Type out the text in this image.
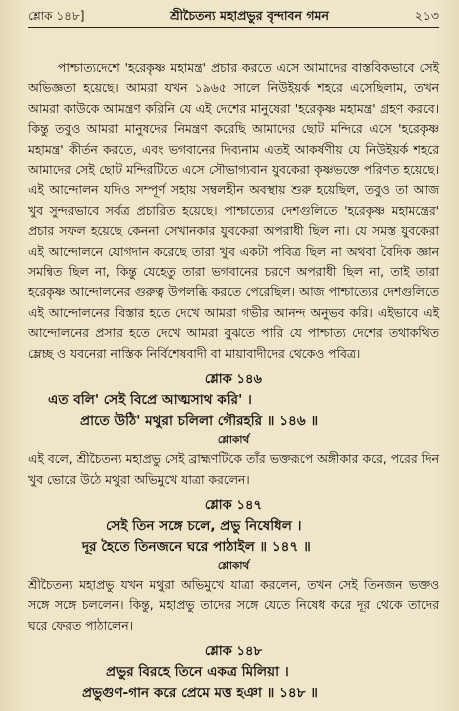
শ্লোক ১৪৮]	শ্রীচৈতন্য মহাপ্রভুর বৃন্দাবন গমন	২১৩

পাশ্চাত্যদেশে 'হরেকৃষ্ণ মহামন্ত্র' প্রচার করতে এসে আমাদের বাস্তবিকভাবে সেই অভিজ্ঞতা হয়েছে। আমরা যখন ১৯৬৫ সালে নিউইয়র্ক শহরে এসেছিলাম, তখন আমরা কাউকে আমন্ত্রণ করিনি যে এই দেশের মানুষেরা 'হরেকৃষ্ণ মহামন্ত্র' গ্রহণ করবে। কিন্তু তবুও আমরা মানুষদের নিমন্ত্রণ করেছি আমাদের ছোট মন্দিরে এসে 'হরেকৃষ্ণ মহামন্ত্র' কীর্তন করতে, এবং ভগবানের দিব্যনাম এতই আকর্ষণীয় যে নিউইয়র্ক শহরে আমাদের সেই ছোট মন্দিরটিতে এসে সৌভাগ্যবান যুবকেরা কৃষ্ণভক্তে পরিণত হয়েছে। এই আন্দোলন যদিও সম্পূর্ণ সহায় সম্বলহীন অবস্থায় শুরু হয়েছিল, তবুও তা আজ খুব সুন্দরভাবে সর্বত্র প্রচারিত হয়েছে। পাশ্চাত্যের দেশগুলিতে 'হরেকৃষ্ণ মহামন্ত্রের' প্রচার সফল হয়েছে কেননা সেখানকার যুবকেরা অপরাধী ছিল না। যে সমস্ত যুবকেরা এই আন্দোলনে যোগদান করেছে তারা খুব একটা পবিত্র ছিল না অথবা বৈদিক জ্ঞান সমন্বিত ছিল না, কিন্তু যেহেতু তারা ভগবানের চরণে অপরাধী ছিল না, তাই তারা হরেকৃষ্ণ আন্দোলনের গুরুত্ব উপলব্ধি করতে পেরেছিল। আজ পাশ্চাত্যের দেশগুলিতে এই আন্দোলনের বিস্তার হতে দেখে আমরা গভীর আনন্দ অনুভব করি। এইভাবে এই আন্দোলনের প্রসার হতে দেখে আমরা বুঝতে পারি যে পাশ্চাত্য দেশের তথাকথিত ম্লেচ্ছ ও যবনেরা নাস্তিক নির্বিশেষবাদী বা মায়াবাদীদের থেকেও পবিত্র।

শ্লোক ১৪৬
এত বলি' সেই বিপ্রে আত্মসাথ করি' ।
প্রাতে উঠি' মথুরা চলিলা গৌরহরি ॥ ১৪৬ ॥
শ্লোকার্থ

এই বলে, শ্রীচৈতন্য মহাপ্রভু সেই ব্রাহ্মণটিকে তাঁর ভক্তরূপে অঙ্গীকার করে, পরের দিন খুব ভোরে উঠে মথুরা অভিমুখে যাত্রা করলেন।

শ্লোক ১৪৭
সেই তিন সঙ্গে চলে, প্রভু নিষেধিল ।
দূর হৈতে তিনজনে ঘরে পাঠাইল ॥ ১৪৭ ॥
শ্লোকার্থ

শ্রীচৈতন্য মহাপ্রভু যখন মথুরা অভিমুখে যাত্রা করলেন, তখন সেই তিনজন ভক্তও সঙ্গে সঙ্গে চললেন। কিন্তু, মহাপ্রভু তাদের সঙ্গে যেতে নিষেধ করে দূর থেকে তাদের ঘরে ফেরত পাঠালেন।

শ্লোক ১৪৮
প্রভুর বিরহে তিনে একত্র মিলিয়া ।
প্রভুগুণ-গান করে প্রেমে মত্ত হঞা ॥ ১৪৮ ॥
